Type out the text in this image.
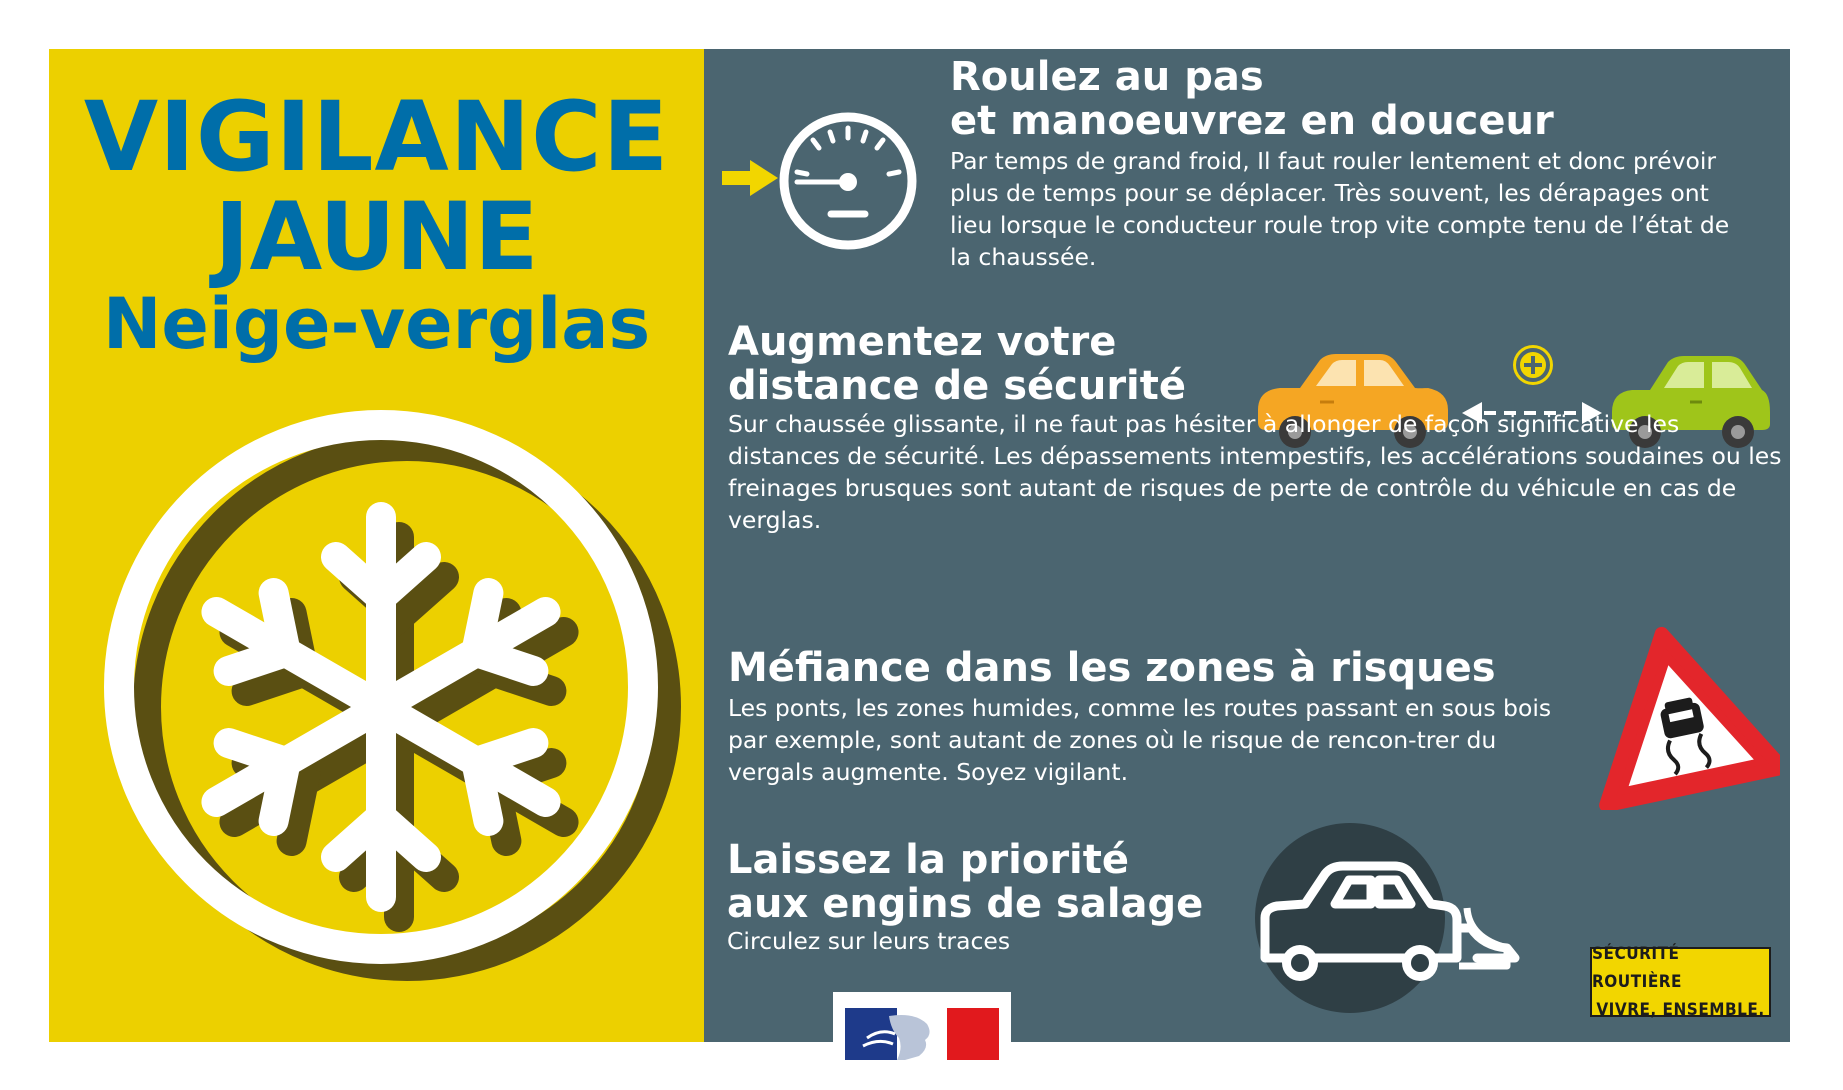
VIGILANCE
JAUNE
Neige-verglas
Roulez au pas
et manoeuvrez en douceur

Par temps de grand froid, Il faut rouler lentement et donc prévoir plus de temps pour se déplacer. Très souvent, les dérapages ont lieu lorsque le conducteur roule trop vite compte tenu de l’état de la chaussée.

Augmentez votre
distance de sécurité

Sur chaussée glissante, il ne faut pas hésiter à allonger de façon significative les distances de sécurité. Les dépassements intempestifs, les accélérations soudaines ou les freinages brusques sont autant de risques de perte de contrôle du véhicule en cas de verglas.

Méfiance dans les zones à risques

Les ponts, les zones humides, comme les routes passant en sous bois par exemple, sont autant de zones où le risque de rencon-trer du vergals augmente. Soyez vigilant.

Laissez la priorité
aux engins de salage

Circulez sur leurs traces	SÉCURITÉ ROUTIÈRE
VIVRE, ENSEMBLE.
